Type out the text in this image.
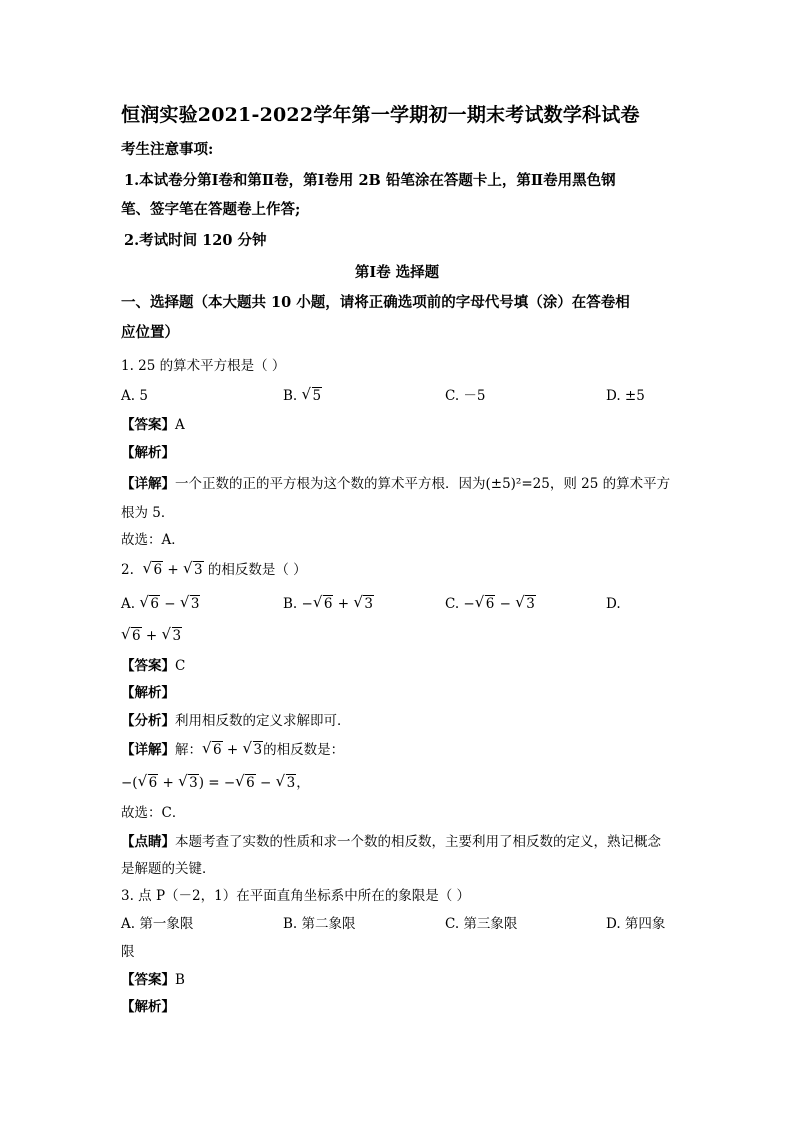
恒润实验2021-2022学年第一学期初一期末考试数学科试卷
考生注意事项:
1.本试卷分第Ⅰ卷和第Ⅱ卷，第Ⅰ卷用 2B 铅笔涂在答题卡上，第Ⅱ卷用黑色钢
笔、签字笔在答题卷上作答;
2.考试时间 120 分钟
第Ⅰ卷 选择题
一、选择题（本大题共 10 小题，请将正确选项前的字母代号填（涂）在答卷相
应位置）
1. 25 的算术平方根是（ ）
A. 5	B. √ 5	C. －5	D. ±5
【答案】A
【解析】
【详解】一个正数的正的平方根为这个数的算术平方根．因为(±5)²=25，则 25 的算术平方
根为 5．
故选：A．
2. √ 6 + √ 3 的相反数是（ ）
A. √ 6 − √ 3	B. − √ 6 + √ 3	C. − √ 6 − √ 3	D.
√ 6 + √ 3
【答案】C
【解析】
【分析】利用相反数的定义求解即可．
【详解】解： √ 6 + √ 3的相反数是：
−( √ 6 + √ 3) = − √ 6 − √ 3，
故选：C．
【点睛】本题考查了实数的性质和求一个数的相反数，主要利用了相反数的定义，熟记概念
是解题的关键．
3. 点 P（－2，1）在平面直角坐标系中所在的象限是（ ）
A. 第一象限	B. 第二象限	C. 第三象限	D. 第四象
限
【答案】B
【解析】
